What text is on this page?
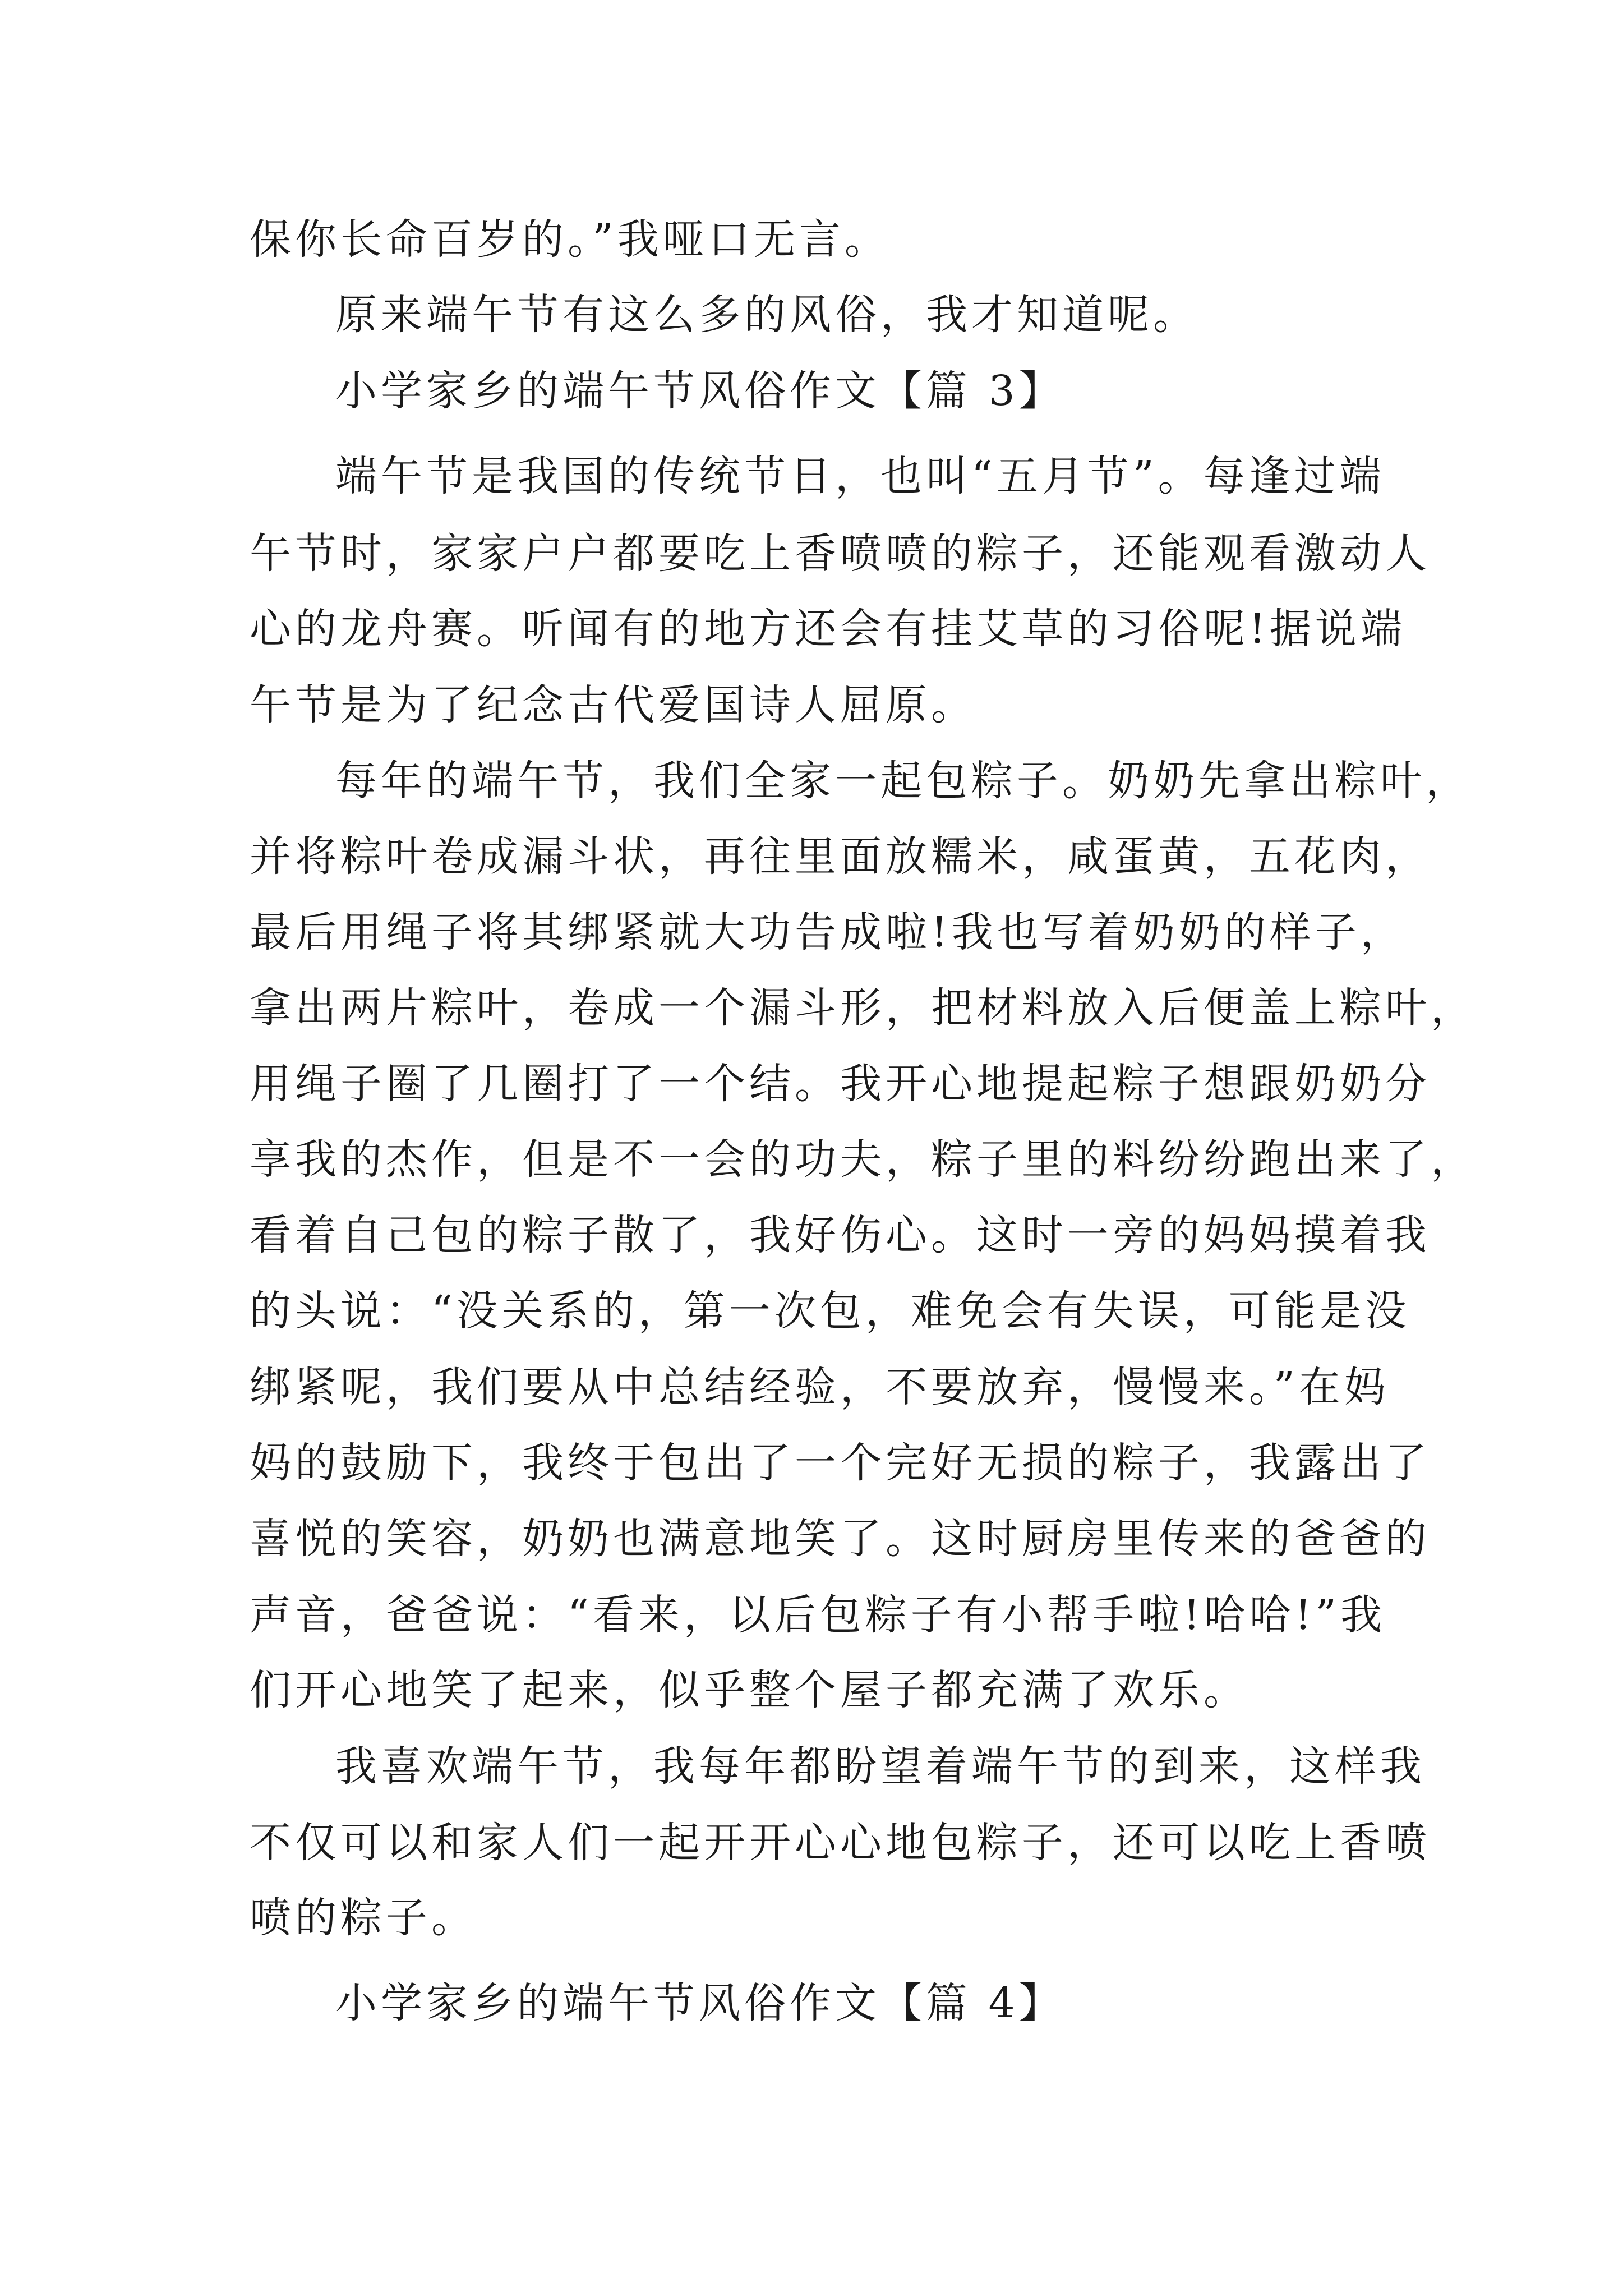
保你长命百岁的。”我哑口无言。
原来端午节有这么多的风俗，我才知道呢。
小学家乡的端午节风俗作文【篇 3】
端午节是我国的传统节日，也叫“五月节”。每逢过端
午节时，家家户户都要吃上香喷喷的粽子，还能观看激动人
心的龙舟赛。听闻有的地方还会有挂艾草的习俗呢!据说端
午节是为了纪念古代爱国诗人屈原。
每年的端午节，我们全家一起包粽子。奶奶先拿出粽叶，
并将粽叶卷成漏斗状，再往里面放糯米，咸蛋黄，五花肉，
最后用绳子将其绑紧就大功告成啦!我也写着奶奶的样子，
拿出两片粽叶，卷成一个漏斗形，把材料放入后便盖上粽叶，
用绳子圈了几圈打了一个结。我开心地提起粽子想跟奶奶分
享我的杰作，但是不一会的功夫，粽子里的料纷纷跑出来了，
看着自己包的粽子散了，我好伤心。这时一旁的妈妈摸着我
的头说：“没关系的，第一次包，难免会有失误，可能是没
绑紧呢，我们要从中总结经验，不要放弃，慢慢来。”在妈
妈的鼓励下，我终于包出了一个完好无损的粽子，我露出了
喜悦的笑容，奶奶也满意地笑了。这时厨房里传来的爸爸的
声音，爸爸说：“看来，以后包粽子有小帮手啦!哈哈!”我
们开心地笑了起来，似乎整个屋子都充满了欢乐。
我喜欢端午节，我每年都盼望着端午节的到来，这样我
不仅可以和家人们一起开开心心地包粽子，还可以吃上香喷
喷的粽子。
小学家乡的端午节风俗作文【篇 4】
